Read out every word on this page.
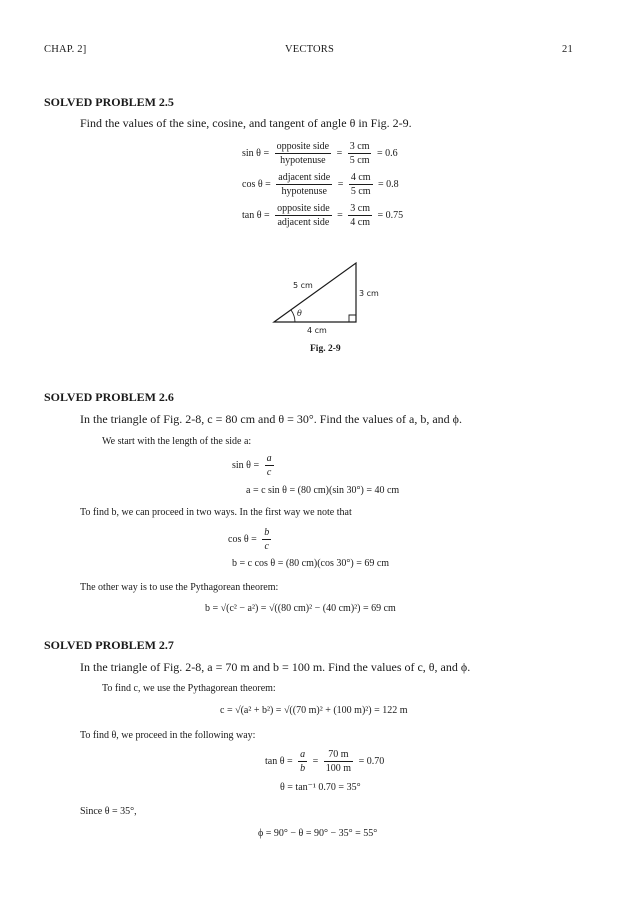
CHAP. 2]	VECTORS	21
SOLVED PROBLEM 2.5
Find the values of the sine, cosine, and tangent of angle θ in Fig. 2-9.
$\sin \theta = \frac{\text{opposite side}}{\text{hypotenuse}} = \frac{3 cm}{5 cm} = 0.6$
$\cos \theta = \frac{\text{adjacent side}}{\text{hypotenuse}} = \frac{4 cm}{5 cm} = 0.8$
$\tan \theta = \frac{\text{opposite side}}{\text{adjacent side}} = \frac{3 cm}{4 cm} = 0.75$
5 cm
3 cm
4 cm
θ
Fig. 2-9
SOLVED PROBLEM 2.6
In the triangle of Fig. 2-8, c = 80 cm and θ = 30°. Find the values of a, b, and ϕ.
We start with the length of the side a:
$\sin \theta = \frac{a}{c}$
a = c sin θ = (80 cm)(sin 30°) = 40 cm
To find b, we can proceed in two ways. In the first way we note that
$\cos \theta = \frac{b}{c}$
b = c cos θ = (80 cm)(cos 30°) = 69 cm
The other way is to use the Pythagorean theorem:
b = √(c² − a²) = √((80 cm)² − (40 cm)²) = 69 cm
SOLVED PROBLEM 2.7
In the triangle of Fig. 2-8, a = 70 m and b = 100 m. Find the values of c, θ, and ϕ.
To find c, we use the Pythagorean theorem:
c = √(a² + b²) = √((70 m)² + (100 m)²) = 122 m
To find θ, we proceed in the following way:
$\tan \theta = \frac{a}{b} = \frac{70 m}{100 m} = 0.70$
θ = tan⁻¹ 0.70 = 35°
Since θ = 35°,
ϕ = 90° − θ = 90° − 35° = 55°
